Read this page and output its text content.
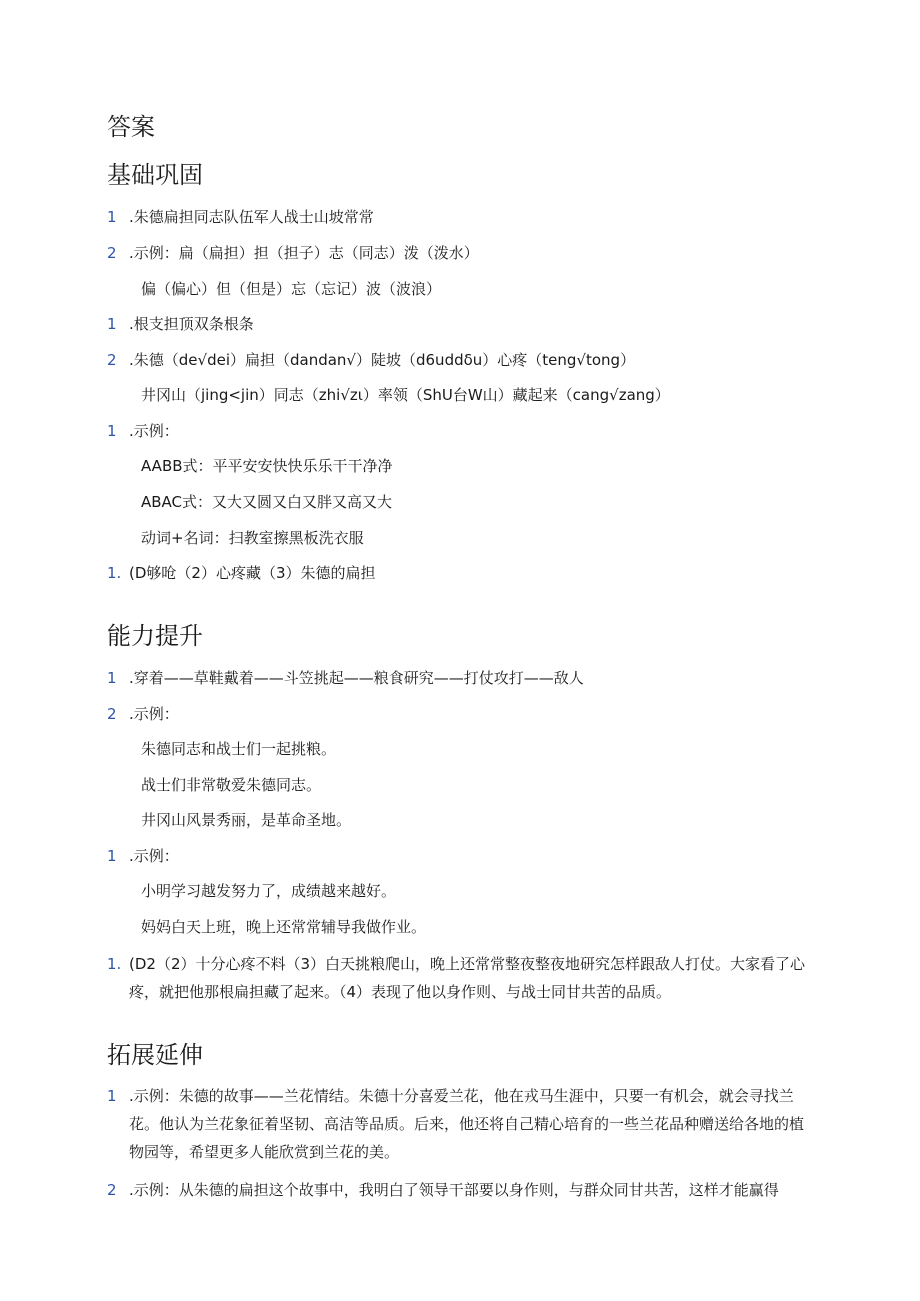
答案
基础巩固
1 .朱德扁担同志队伍军人战士山坡常常
2 .示例：扁（扁担）担（担子）志（同志）泼（泼水）
偏（偏心）但（但是）忘（忘记）波（波浪）
1 .根支担顶双条根条
2 .朱德（de√dei）扁担（dandan√）陡坡（d6uddδu）心疼（teng√tong）
井冈山（jing<jin）同志（zhi√zι）率领（ShU台W山）藏起来（cang√zang）
1 .示例：
AABB式：平平安安快快乐乐干干净净
ABAC式：又大又圆又白又胖又高又大
动词+名词：扫教室擦黑板洗衣服
1. (D够呛（2）心疼藏（3）朱德的扁担
能力提升
1 .穿着——草鞋戴着——斗笠挑起——粮食研究——打仗攻打——敌人
2 .示例：
朱德同志和战士们一起挑粮。
战士们非常敬爱朱德同志。
井冈山风景秀丽，是革命圣地。
1 .示例：
小明学习越发努力了，成绩越来越好。
妈妈白天上班，晚上还常常辅导我做作业。
1. (D2（2）十分心疼不料（3）白天挑粮爬山，晚上还常常整夜整夜地研究怎样跟敌人打仗。大家看了心疼，就把他那根扁担藏了起来。（4）表现了他以身作则、与战士同甘共苦的品质。
拓展延伸
1 .示例：朱德的故事——兰花情结。朱德十分喜爱兰花，他在戎马生涯中，只要一有机会，就会寻找兰花。他认为兰花象征着坚韧、高洁等品质。后来，他还将自己精心培育的一些兰花品种赠送给各地的植物园等，希望更多人能欣赏到兰花的美。
2 .示例：从朱德的扁担这个故事中，我明白了领导干部要以身作则，与群众同甘共苦，这样才能赢得
